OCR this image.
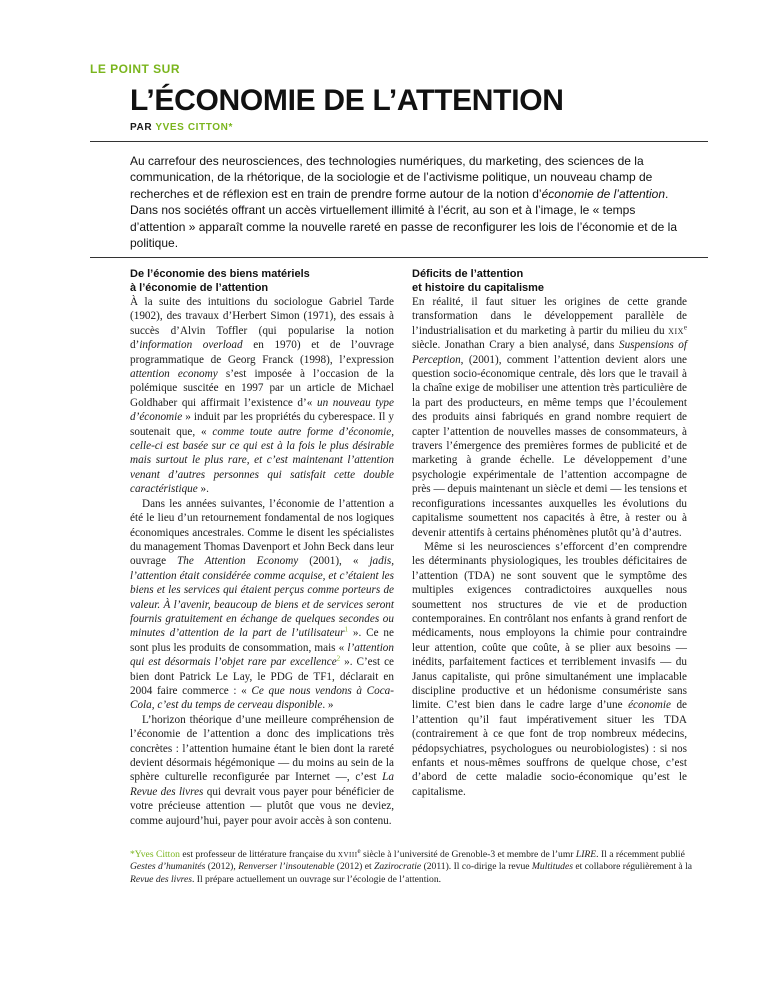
LE POINT SUR
L’ÉCONOMIE DE L’ATTENTION
PAR YVES CITTON*

Au carrefour des neurosciences, des technologies numériques, du marketing, des sciences de la communication, de la rhétorique, de la sociologie et de l’activisme politique, un nouveau champ de recherches et de réflexion est en train de prendre forme autour de la notion d’économie de l’attention. Dans nos sociétés offrant un accès virtuellement illimité à l’écrit, au son et à l’image, le « temps d’attention » apparaît comme la nouvelle rareté en passe de reconfigurer les lois de l’économie et de la politique.

De l’économie des biens matériels
à l’économie de l’attention

À la suite des intuitions du sociologue Gabriel Tarde (1902), des travaux d’Herbert Simon (1971), des essais à succès d’Alvin Toffler (qui popularise la notion d’information overload en 1970) et de l’ouvrage programmatique de Georg Franck (1998), l’expression attention economy s’est imposée à l’occasion de la polémique suscitée en 1997 par un article de Michael Goldhaber qui affirmait l’existence d’« un nouveau type d’économie » induit par les propriétés du cyberespace. Il y soutenait que, « comme toute autre forme d’économie, celle-ci est basée sur ce qui est à la fois le plus désirable mais surtout le plus rare, et c’est maintenant l’attention venant d’autres personnes qui satisfait cette double caractéristique ».

Dans les années suivantes, l’économie de l’attention a été le lieu d’un retournement fondamental de nos logiques économiques ancestrales. Comme le disent les spécialistes du management Thomas Davenport et John Beck dans leur ouvrage The Attention Economy (2001), « jadis, l’attention était considérée comme acquise, et c’étaient les biens et les services qui étaient perçus comme porteurs de valeur. À l’avenir, beaucoup de biens et de services seront fournis gratuitement en échange de quelques secondes ou minutes d’attention de la part de l’utilisateur$^1$ ». Ce ne sont plus les produits de consommation, mais « l’attention qui est désormais l’objet rare par excellence$^2$ ». C’est ce bien dont Patrick Le Lay, le PDG de TF1, déclarait en 2004 faire commerce : « Ce que nous vendons à Coca-Cola, c’est du temps de cerveau disponible. »

L’horizon théorique d’une meilleure compréhension de l’économie de l’attention a donc des implications très concrètes : l’attention humaine étant le bien dont la rareté devient désormais hégémonique — du moins au sein de la sphère culturelle reconfigurée par Internet —, c’est La Revue des livres qui devrait vous payer pour bénéficier de votre précieuse attention — plutôt que vous ne deviez, comme aujourd’hui, payer pour avoir accès à son contenu.

Déficits de l’attention
et histoire du capitalisme

En réalité, il faut situer les origines de cette grande transformation dans le développement parallèle de l’industrialisation et du marketing à partir du milieu du xix$^e$ siècle. Jonathan Crary a bien analysé, dans Suspensions of Perception, (2001), comment l’attention devient alors une question socio-économique centrale, dès lors que le travail à la chaîne exige de mobiliser une attention très particulière de la part des producteurs, en même temps que l’écoulement des produits ainsi fabriqués en grand nombre requiert de capter l’attention de nouvelles masses de consommateurs, à travers l’émergence des premières formes de publicité et de marketing à grande échelle. Le développement d’une psychologie expérimentale de l’attention accompagne de près — depuis maintenant un siècle et demi — les tensions et reconfigurations incessantes auxquelles les évolutions du capitalisme soumettent nos capacités à être, à rester ou à devenir attentifs à certains phénomènes plutôt qu’à d’autres.

Même si les neurosciences s’efforcent d’en comprendre les déterminants physiologiques, les troubles déficitaires de l’attention (TDA) ne sont souvent que le symptôme des multiples exigences contradictoires auxquelles nous soumettent nos structures de vie et de production contemporaines. En contrôlant nos enfants à grand renfort de médicaments, nous employons la chimie pour contraindre leur attention, coûte que coûte, à se plier aux besoins — inédits, parfaitement factices et terriblement invasifs — du Janus capitaliste, qui prône simultanément une implacable discipline productive et un hédonisme consumériste sans limite. C’est bien dans le cadre large d’une économie de l’attention qu’il faut impérativement situer les TDA (contrairement à ce que font de trop nombreux médecins, pédopsychiatres, psychologues ou neurobiologistes) : si nos enfants et nous-mêmes souffrons de quelque chose, c’est d’abord de cette maladie socio-économique qu’est le capitalisme.

*Yves Citton est professeur de littérature française du xviii$^e$ siècle à l’université de Grenoble-3 et membre de l’umr LIRE. Il a récemment publié Gestes d’humanités (2012), Renverser l’insoutenable (2012) et Zazirocratie (2011). Il co-dirige la revue Multitudes et collabore régulièrement à la Revue des livres. Il prépare actuellement un ouvrage sur l’écologie de l’attention.
